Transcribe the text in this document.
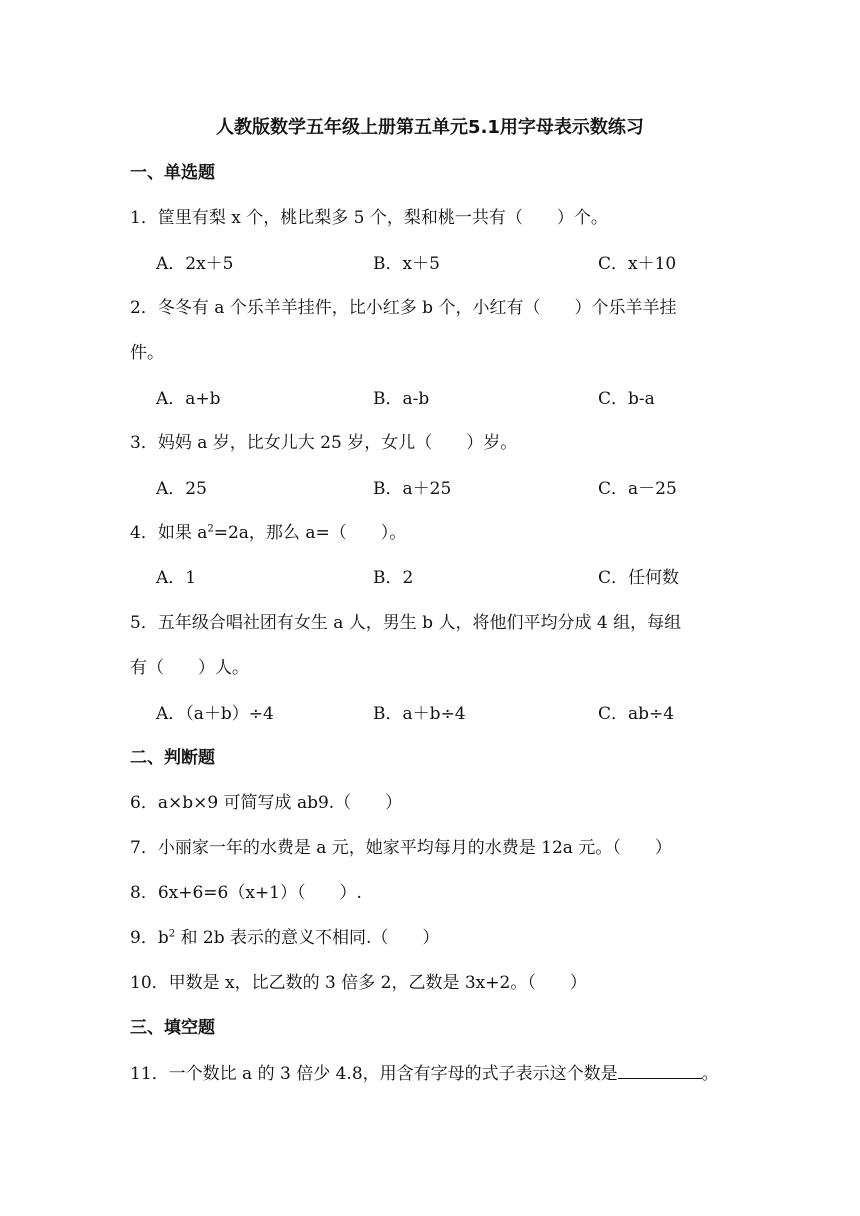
人教版数学五年级上册第五单元5.1用字母表示数练习
一、单选题
1．筐里有梨 x 个，桃比梨多 5 个，梨和桃一共有（　　）个。
A．2x＋5	B．x＋5	C．x＋10
2．冬冬有 a 个乐羊羊挂件，比小红多 b 个，小红有（　　）个乐羊羊挂
件。
A．a+b	B．a-b	C．b-a
3．妈妈 a 岁，比女儿大 25 岁，女儿（　　）岁。
A．25	B．a＋25	C．a－25
4．如果 $a^2=2a$，那么 a=（　　）。
A．1	B．2	C．任何数
5．五年级合唱社团有女生 a 人，男生 b 人，将他们平均分成 4 组，每组
有（　　）人。
A．（a＋b）÷4	B．a＋b÷4	C．ab÷4
二、判断题
6．a×b×9 可简写成 ab9.（　　）
7．小丽家一年的水费是 a 元，她家平均每月的水费是 12a 元。（　　）
8．6x+6=6（x+1）（　　）.
9．$b^2$ 和 2b 表示的意义不相同.（　　）
10．甲数是 x，比乙数的 3 倍多 2，乙数是 3x+2。（　　）
三、填空题
11．一个数比 a 的 3 倍少 4.8，用含有字母的式子表示这个数是	。
